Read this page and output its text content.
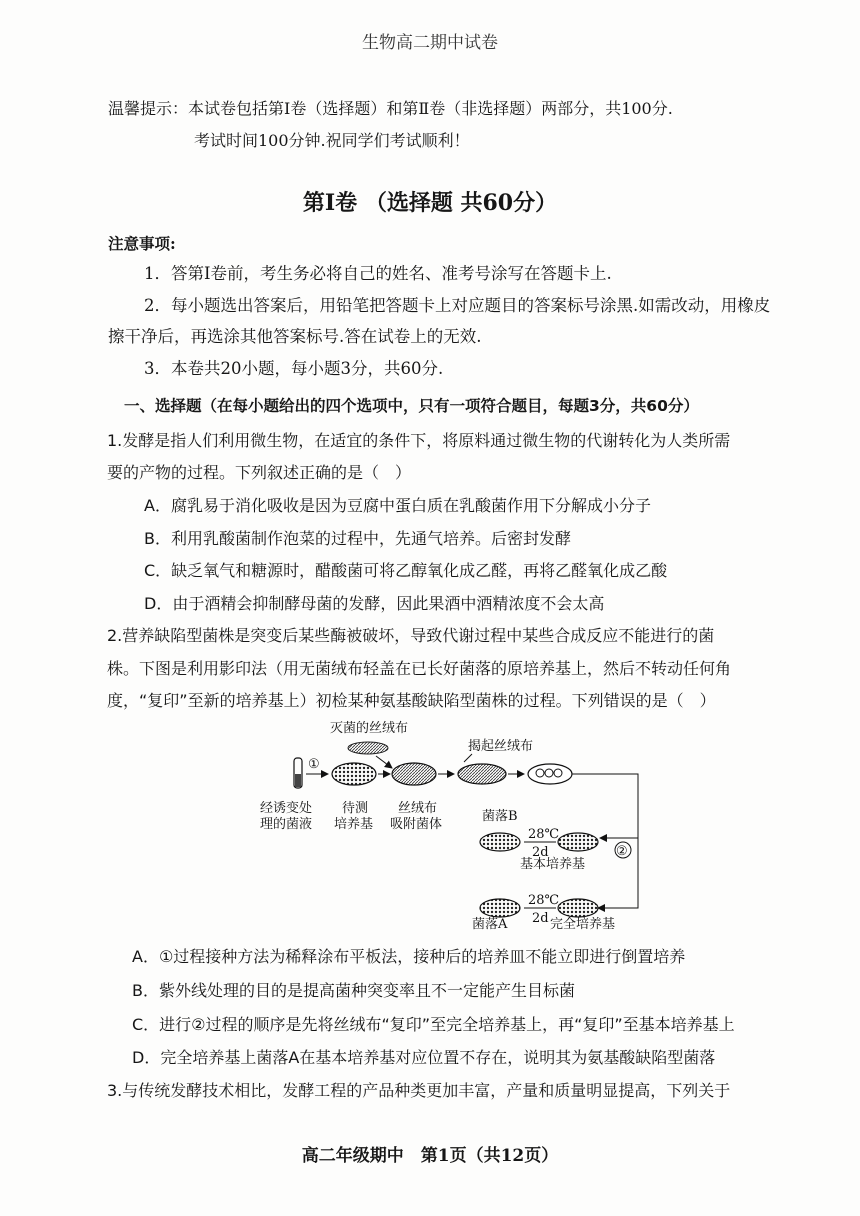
生物高二期中试卷
温馨提示：本试卷包括第Ⅰ卷（选择题）和第Ⅱ卷（非选择题）两部分，共100分.
考试时间100分钟.祝同学们考试顺利！
第Ⅰ卷 （选择题 共60分）
注意事项:
1．答第Ⅰ卷前，考生务必将自己的姓名、准考号涂写在答题卡上.
2．每小题选出答案后，用铅笔把答题卡上对应题目的答案标号涂黑.如需改动，用橡皮
擦干净后，再选涂其他答案标号.答在试卷上的无效.
3．本卷共20小题，每小题3分，共60分.
一、选择题（在每小题给出的四个选项中，只有一项符合题目，每题3分，共60分）
1.发酵是指人们利用微生物，在适宜的条件下，将原料通过微生物的代谢转化为人类所需
要的产物的过程。下列叙述正确的是（　）
A．腐乳易于消化吸收是因为豆腐中蛋白质在乳酸菌作用下分解成小分子
B．利用乳酸菌制作泡菜的过程中，先通气培养。后密封发酵
C．缺乏氧气和糖源时，醋酸菌可将乙醇氧化成乙醛，再将乙醛氧化成乙酸
D．由于酒精会抑制酵母菌的发酵，因此果酒中酒精浓度不会太高
2.营养缺陷型菌株是突变后某些酶被破坏，导致代谢过程中某些合成反应不能进行的菌
株。下图是利用影印法（用无菌绒布轻盖在已长好菌落的原培养基上，然后不转动任何角
度，“复印”至新的培养基上）初检某种氨基酸缺陷型菌株的过程。下列错误的是（　）
灭菌的丝绒布
揭起丝绒布
①
②
经诱变处
理的菌液
待测
培养基
丝绒布
吸附菌体
菌落B
28℃
2d
基本培养基
28℃
2d
菌落A	完全培养基
A．①过程接种方法为稀释涂布平板法，接种后的培养皿不能立即进行倒置培养
B．紫外线处理的目的是提高菌种突变率且不一定能产生目标菌
C．进行②过程的顺序是先将丝绒布“复印”至完全培养基上，再“复印”至基本培养基上
D．完全培养基上菌落A在基本培养基对应位置不存在，说明其为氨基酸缺陷型菌落
3.与传统发酵技术相比，发酵工程的产品种类更加丰富，产量和质量明显提高，下列关于
高二年级期中　第1页（共12页）
